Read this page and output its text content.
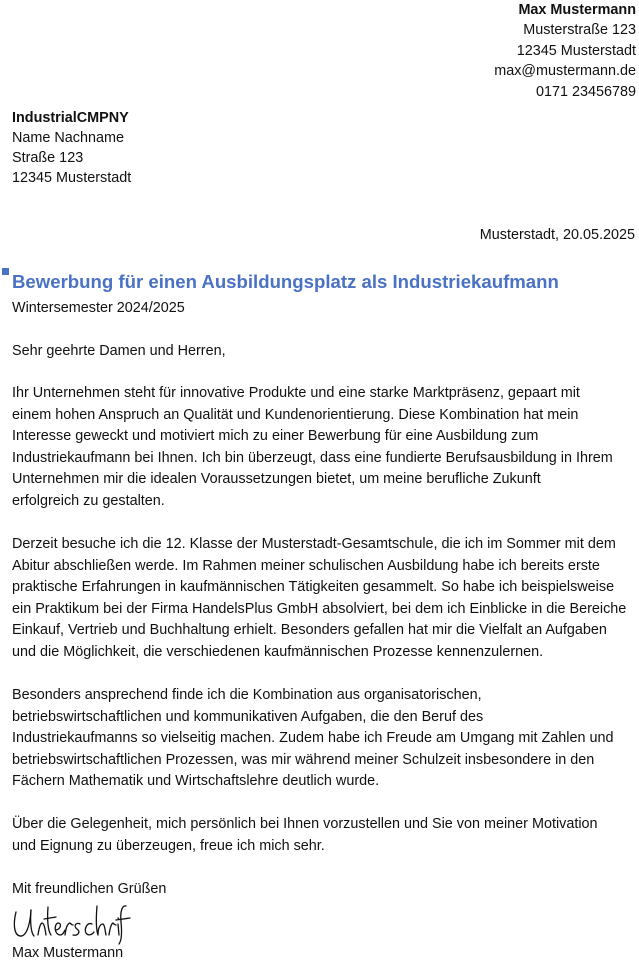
Max Mustermann
Musterstraße 123
12345 Musterstadt
max@mustermann.de
0171 23456789
IndustrialCMPNY
Name Nachname
Straße 123
12345 Musterstadt
Musterstadt, 20.05.2025
Bewerbung für einen Ausbildungsplatz als Industriekaufmann
Wintersemester 2024/2025
Sehr geehrte Damen und Herren,

Ihr Unternehmen steht für innovative Produkte und eine starke Marktpräsenz, gepaart mit
einem hohen Anspruch an Qualität und Kundenorientierung. Diese Kombination hat mein
Interesse geweckt und motiviert mich zu einer Bewerbung für eine Ausbildung zum
Industriekaufmann bei Ihnen. Ich bin überzeugt, dass eine fundierte Berufsausbildung in Ihrem
Unternehmen mir die idealen Voraussetzungen bietet, um meine berufliche Zukunft
erfolgreich zu gestalten.

Derzeit besuche ich die 12. Klasse der Musterstadt-Gesamtschule, die ich im Sommer mit dem
Abitur abschließen werde. Im Rahmen meiner schulischen Ausbildung habe ich bereits erste
praktische Erfahrungen in kaufmännischen Tätigkeiten gesammelt. So habe ich beispielsweise
ein Praktikum bei der Firma HandelsPlus GmbH absolviert, bei dem ich Einblicke in die Bereiche
Einkauf, Vertrieb und Buchhaltung erhielt. Besonders gefallen hat mir die Vielfalt an Aufgaben
und die Möglichkeit, die verschiedenen kaufmännischen Prozesse kennenzulernen.

Besonders ansprechend finde ich die Kombination aus organisatorischen,
betriebswirtschaftlichen und kommunikativen Aufgaben, die den Beruf des
Industriekaufmanns so vielseitig machen. Zudem habe ich Freude am Umgang mit Zahlen und
betriebswirtschaftlichen Prozessen, was mir während meiner Schulzeit insbesondere in den
Fächern Mathematik und Wirtschaftslehre deutlich wurde.

Über die Gelegenheit, mich persönlich bei Ihnen vorzustellen und Sie von meiner Motivation
und Eignung zu überzeugen, freue ich mich sehr.

Mit freundlichen Grüßen
Max Mustermann
